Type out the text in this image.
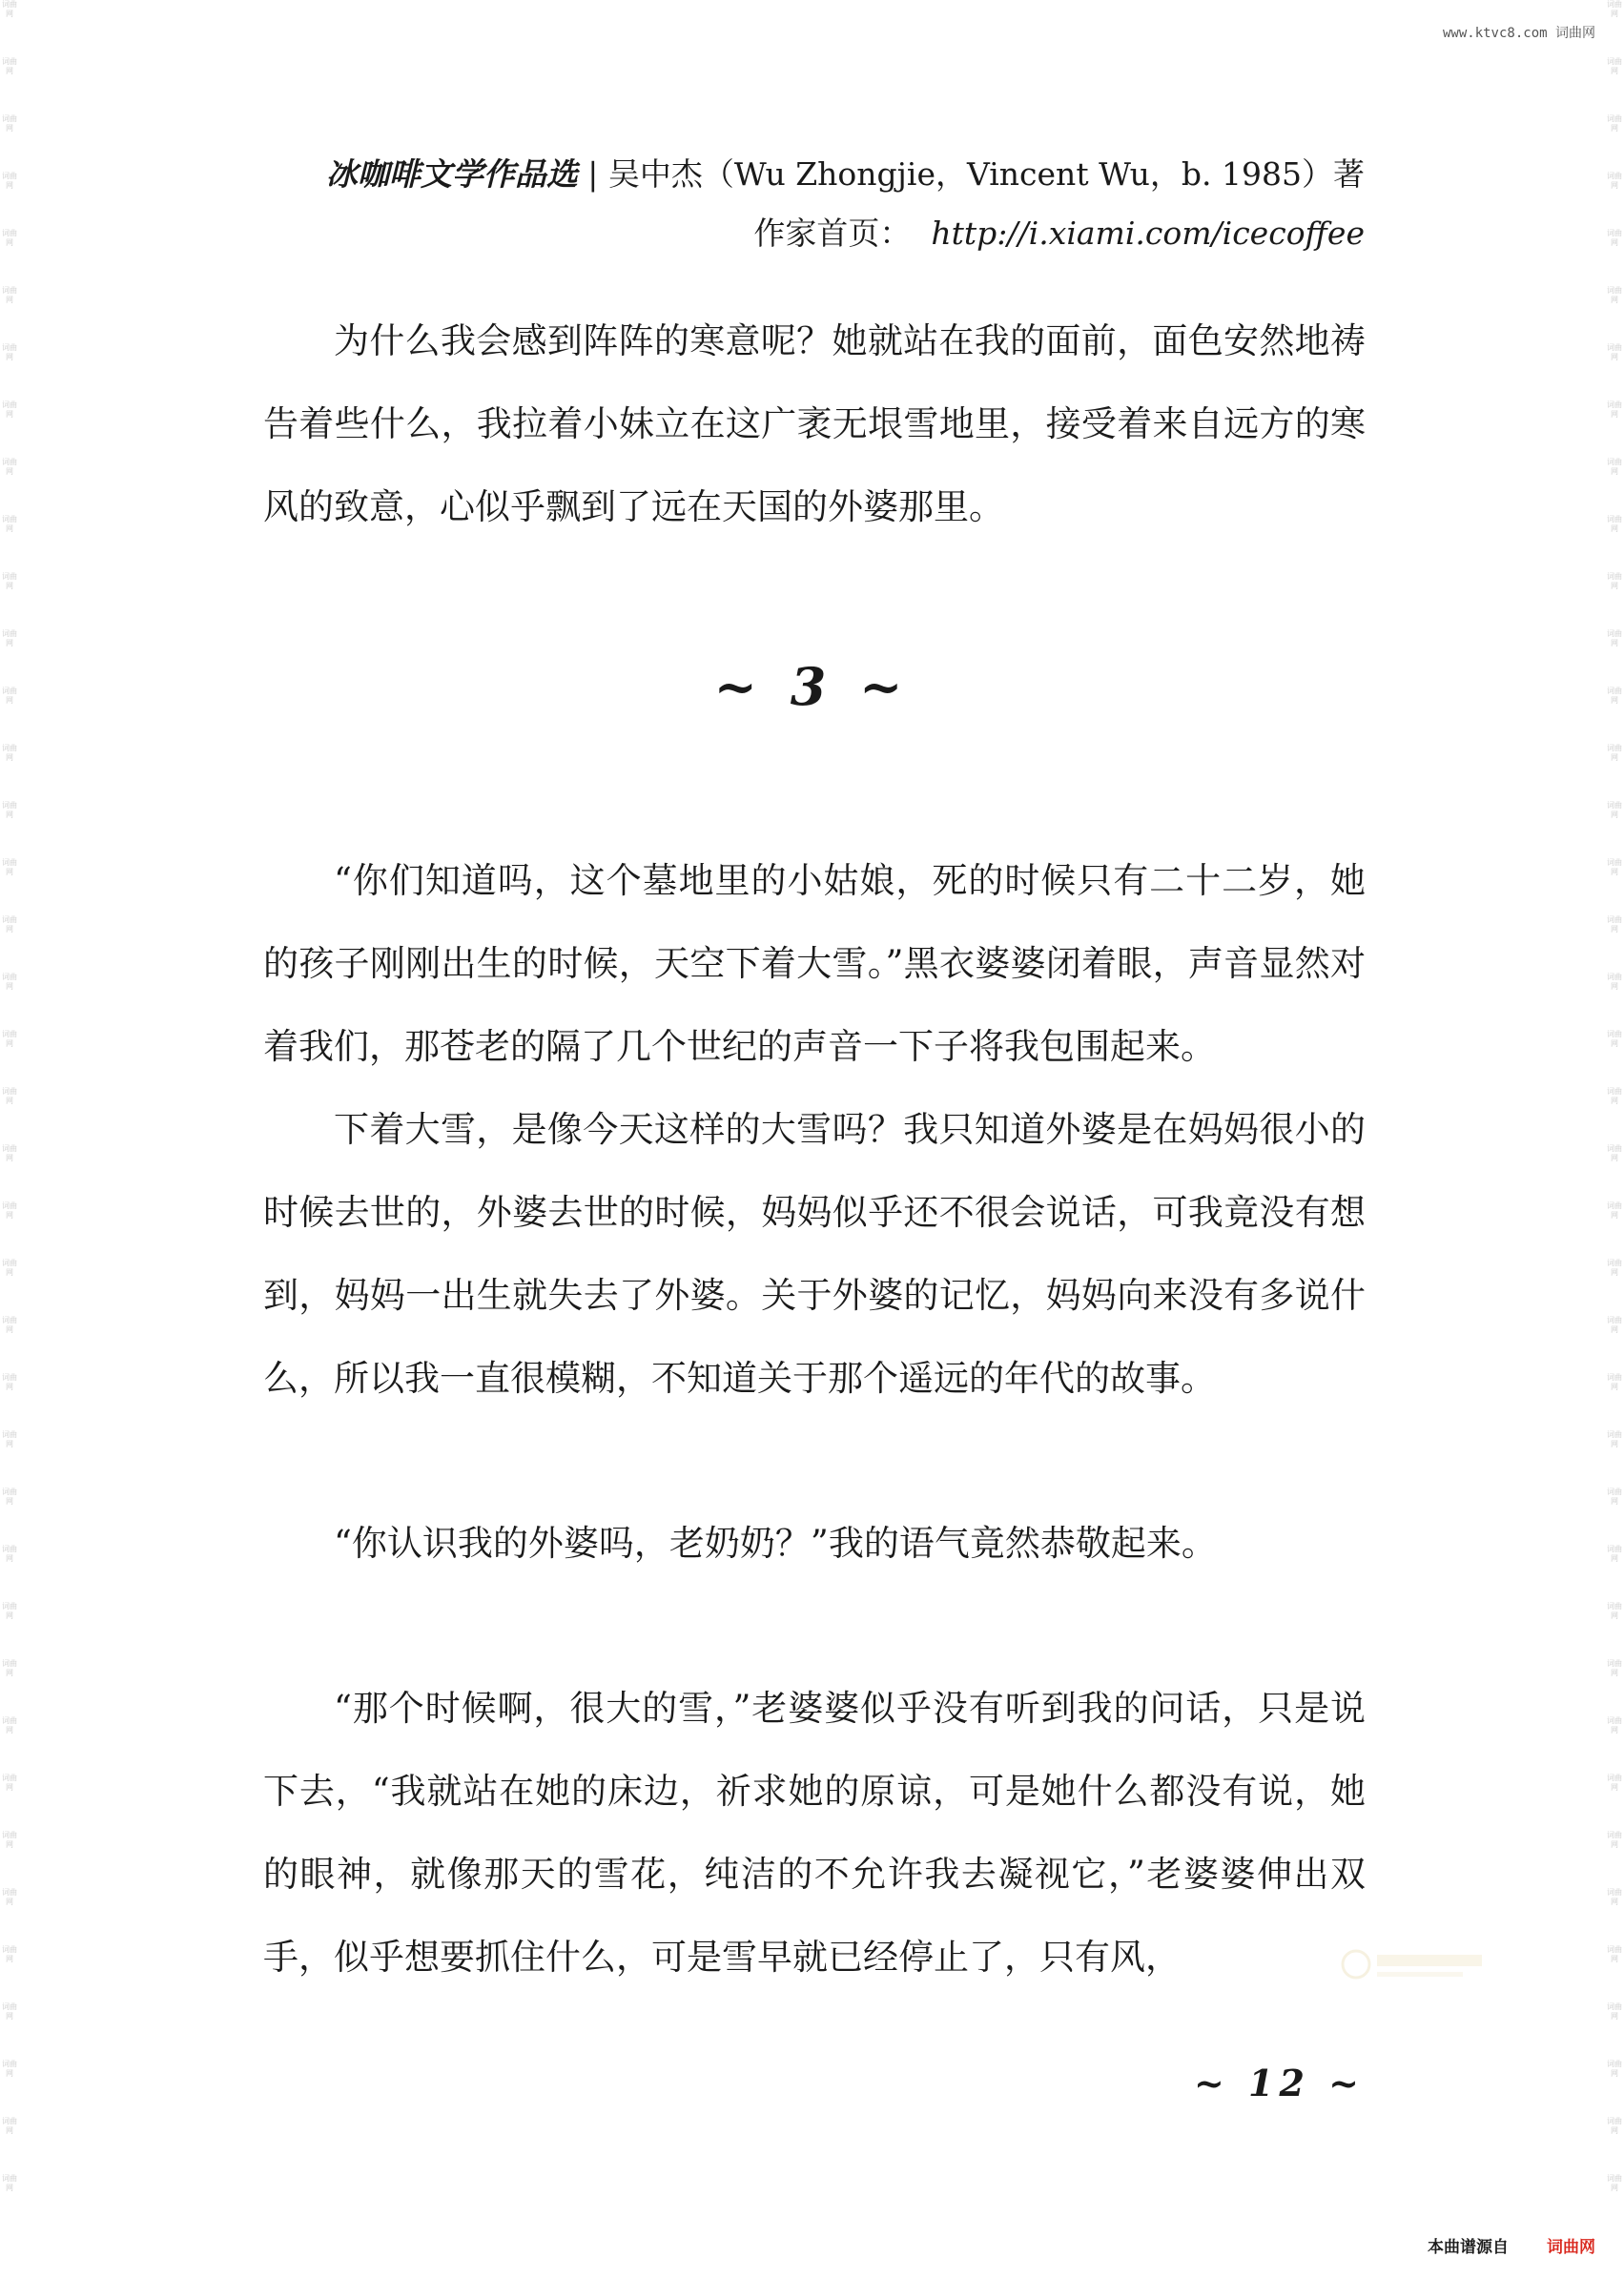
词曲网
词曲网
词曲网
词曲网
词曲网
词曲网
词曲网
词曲网
词曲网
词曲网
词曲网
词曲网
词曲网
词曲网
词曲网
词曲网
词曲网
词曲网
词曲网
词曲网
词曲网
词曲网
词曲网
词曲网
词曲网
词曲网
词曲网
词曲网
词曲网
词曲网
词曲网
词曲网
词曲网
词曲网
词曲网
词曲网
词曲网
词曲网
词曲网
词曲网
词曲网
词曲网
词曲网
词曲网
词曲网
词曲网
词曲网
词曲网
词曲网
词曲网
词曲网
词曲网
词曲网
词曲网
词曲网
词曲网
词曲网
词曲网
词曲网
词曲网
词曲网
词曲网
词曲网
词曲网
词曲网
词曲网
词曲网
词曲网
词曲网
词曲网
词曲网
词曲网
词曲网
词曲网
词曲网
词曲网
词曲网
词曲网
www.ktvc8.com 词曲网
冰咖啡文学作品选 | 吴中杰（Wu Zhongjie，Vincent Wu，b. 1985）著
作家首页： http://i.xiami.com/icecoffee

为什么我会感到阵阵的寒意呢？她就站在我的面前，面色安然地祷告着些什么，我拉着小妹立在这广袤无垠雪地里，接受着来自远方的寒风的致意，心似乎飘到了远在天国的外婆那里。

~ 3 ~

“你们知道吗，这个墓地里的小姑娘，死的时候只有二十二岁，她的孩子刚刚出生的时候，天空下着大雪。”黑衣婆婆闭着眼，声音显然对着我们，那苍老的隔了几个世纪的声音一下子将我包围起来。

下着大雪，是像今天这样的大雪吗？我只知道外婆是在妈妈很小的时候去世的，外婆去世的时候，妈妈似乎还不很会说话，可我竟没有想到，妈妈一出生就失去了外婆。关于外婆的记忆，妈妈向来没有多说什么，所以我一直很模糊，不知道关于那个遥远的年代的故事。

“你认识我的外婆吗，老奶奶？”我的语气竟然恭敬起来。

“那个时候啊，很大的雪，”老婆婆似乎没有听到我的问话，只是说下去，“我就站在她的床边，祈求她的原谅，可是她什么都没有说，她的眼神，就像那天的雪花，纯洁的不允许我去凝视它，”老婆婆伸出双手，似乎想要抓住什么，可是雪早就已经停止了，只有风，

~ 12 ~
本曲谱源自 词曲网
